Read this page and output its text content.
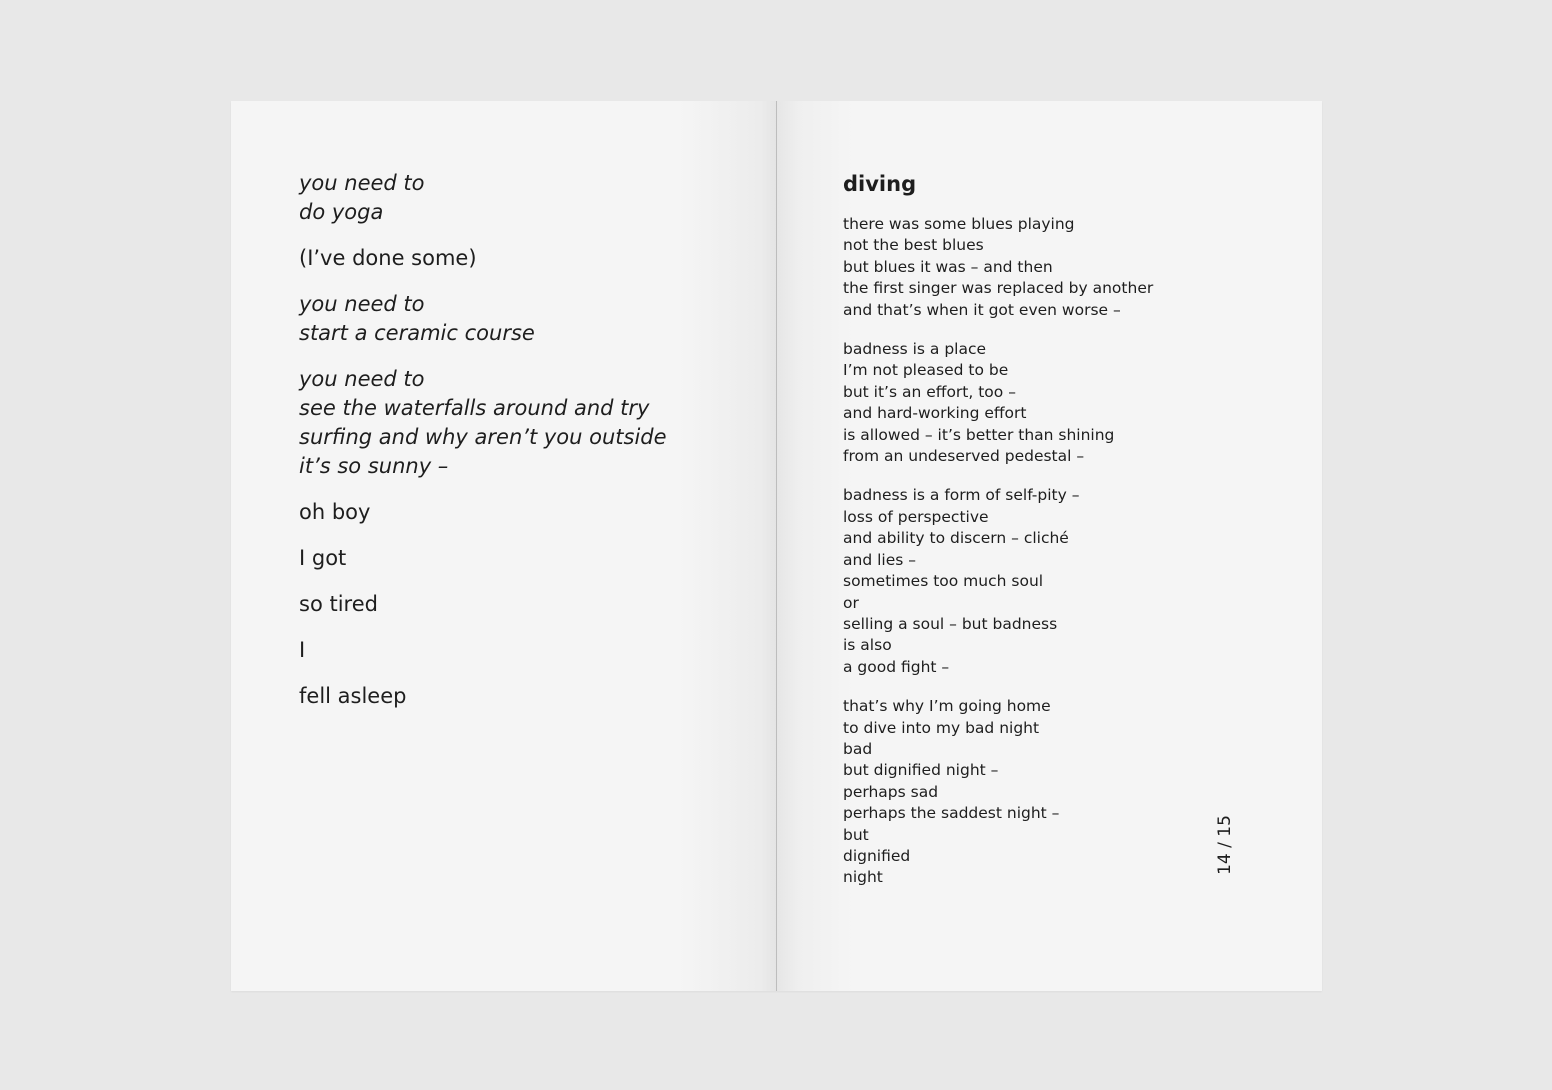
you need to
do yoga
(I’ve done some)
you need to
start a ceramic course
you need to
see the waterfalls around and try
surfing and why aren’t you outside
it’s so sunny –
oh boy
I got
so tired
I
fell asleep
diving
there was some blues playing
not the best blues
but blues it was – and then
the first singer was replaced by another
and that’s when it got even worse –
badness is a place
I’m not pleased to be
but it’s an effort, too –
and hard-working effort
is allowed – it’s better than shining
from an undeserved pedestal –
badness is a form of self-pity –
loss of perspective
and ability to discern – cliché
and lies –
sometimes too much soul
or
selling a soul – but badness
is also
a good fight –
that’s why I’m going home
to dive into my bad night
bad
but dignified night –
perhaps sad
perhaps the saddest night –
but
dignified
night
14 / 15
